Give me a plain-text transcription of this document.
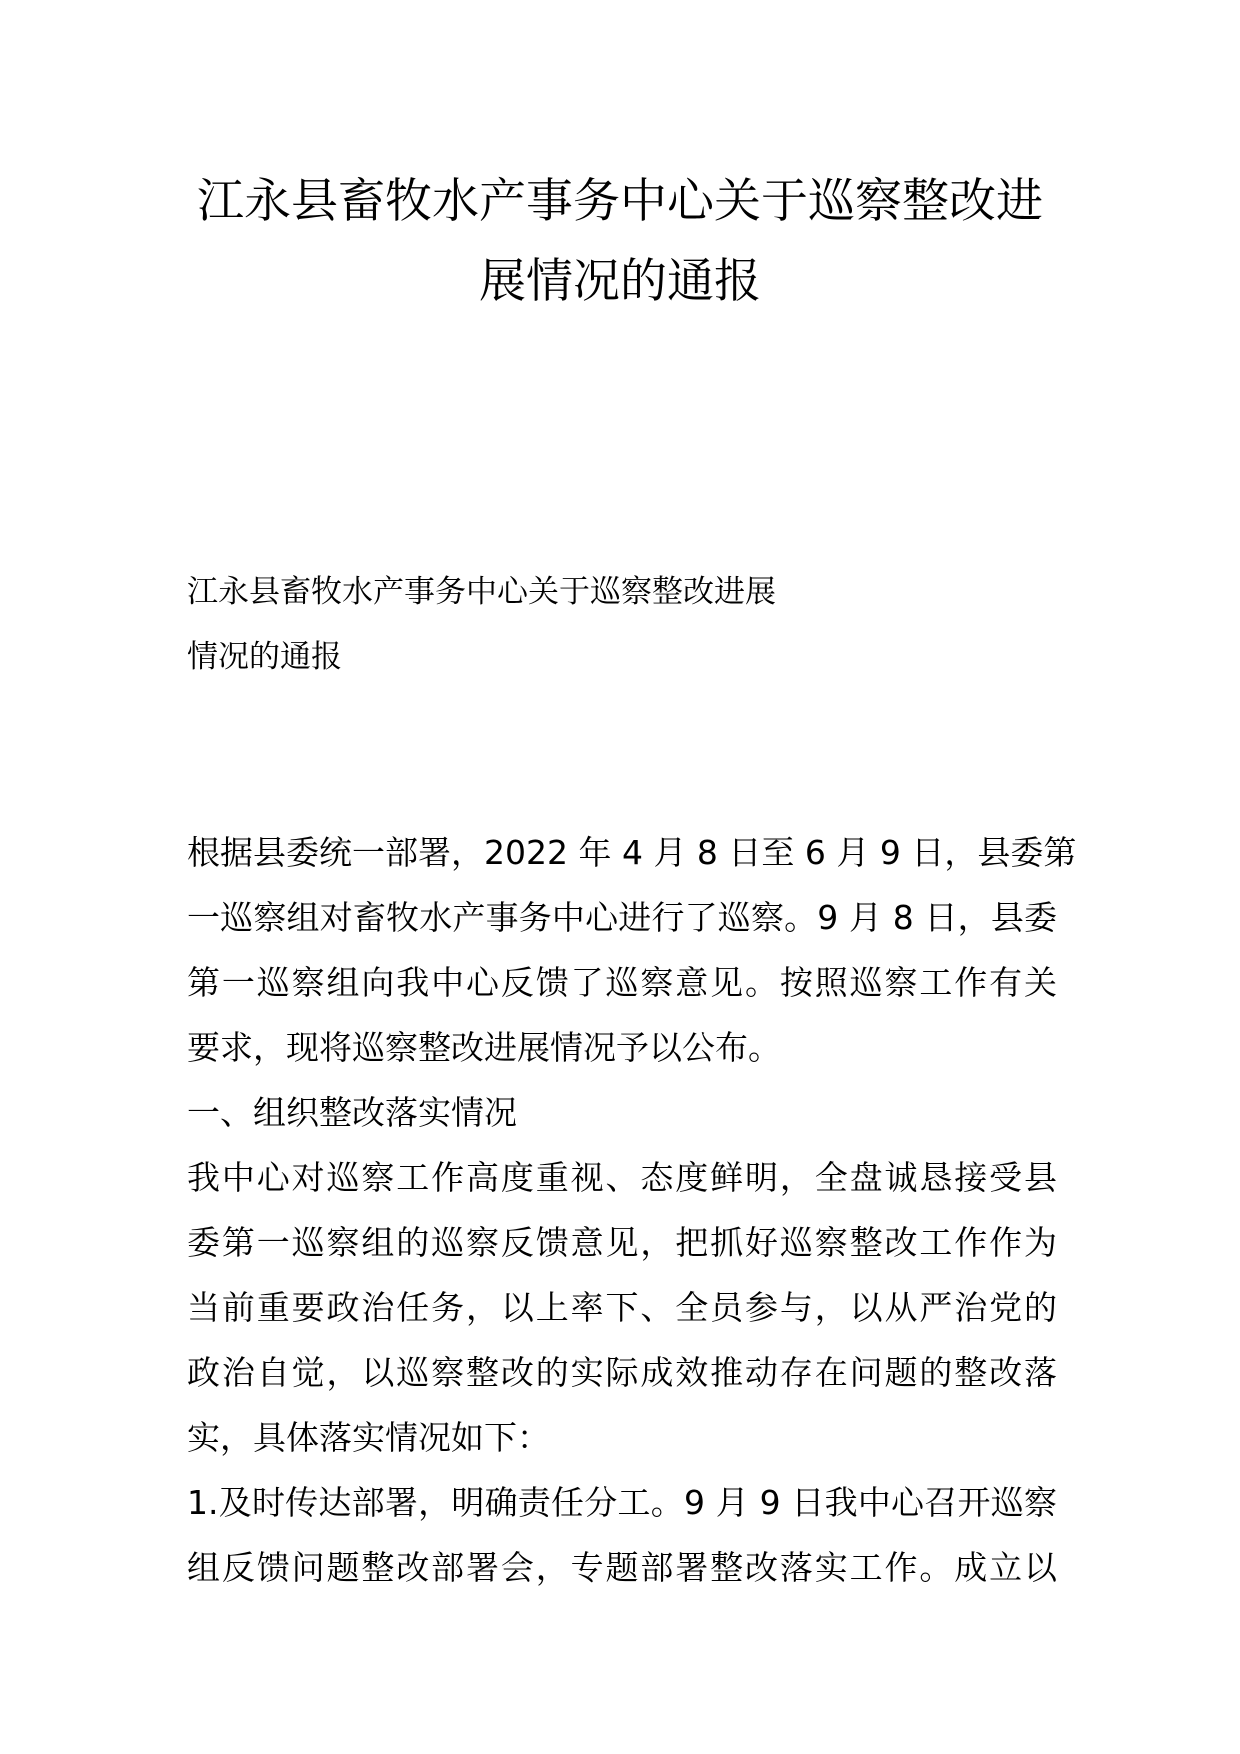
江永县畜牧水产事务中心关于巡察整改进
展情况的通报
江永县畜牧水产事务中心关于巡察整改进展
情况的通报
根据县委统一部署，2022 年 4 月 8 日至 6 月 9 日，县委第
一巡察组对畜牧水产事务中心进行了巡察。9 月 8 日，县委
第一巡察组向我中心反馈了巡察意见。按照巡察工作有关
要求，现将巡察整改进展情况予以公布。
一、组织整改落实情况
我中心对巡察工作高度重视、态度鲜明，全盘诚恳接受县
委第一巡察组的巡察反馈意见，把抓好巡察整改工作作为
当前重要政治任务，以上率下、全员参与，以从严治党的
政治自觉，以巡察整改的实际成效推动存在问题的整改落
实，具体落实情况如下：
1.及时传达部署，明确责任分工。9 月 9 日我中心召开巡察
组反馈问题整改部署会，专题部署整改落实工作。成立以
